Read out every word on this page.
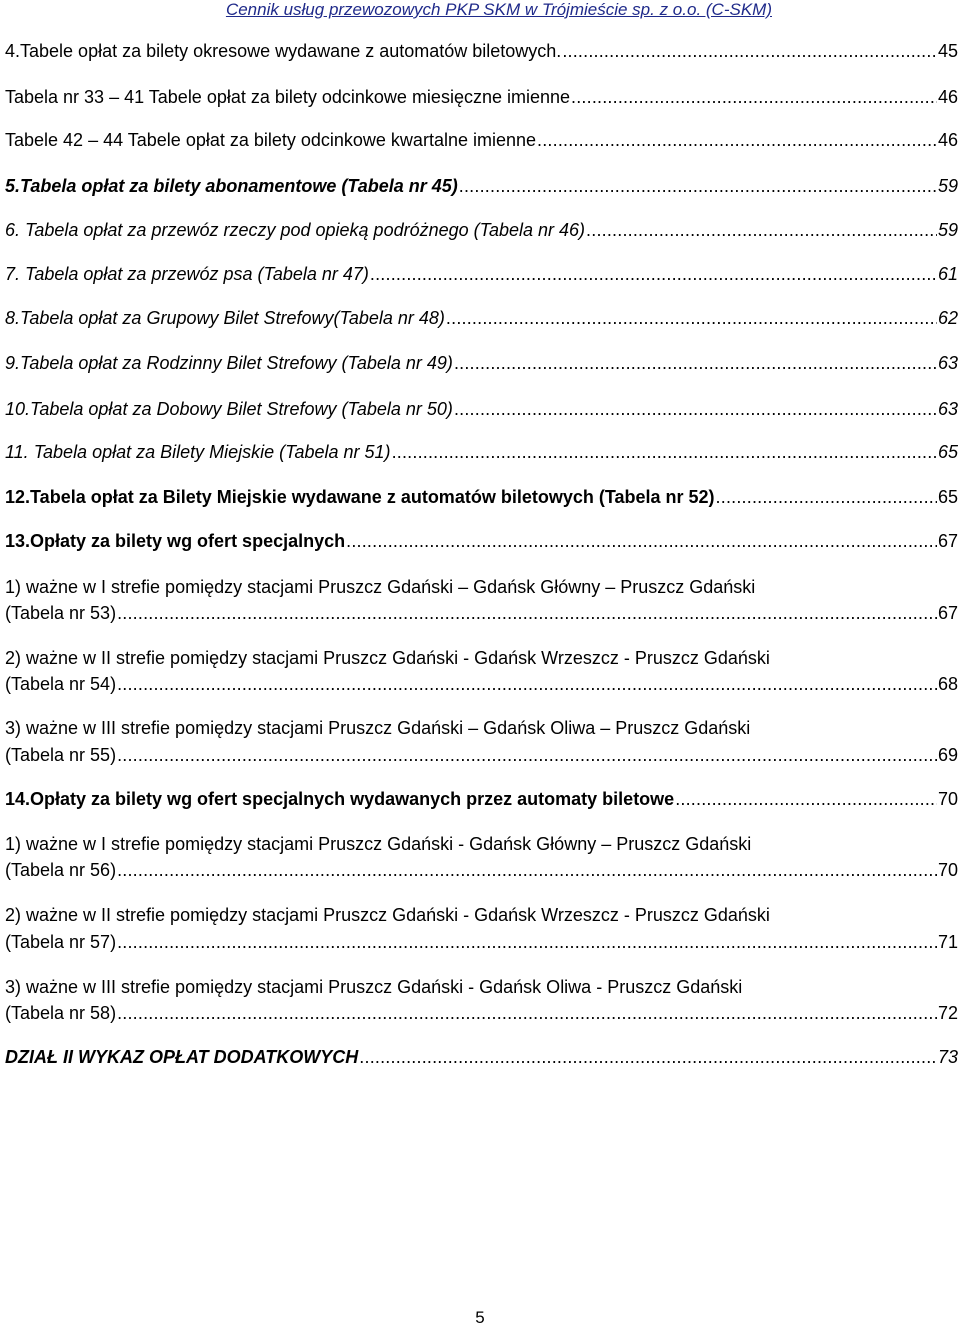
Cennik usług przewozowych PKP SKM w Trójmieście sp. z o.o. (C-SKM)
4.Tabele opłat za bilety okresowe wydawane z automatów biletowych. .....	45
Tabela nr 33 – 41 Tabele opłat za bilety odcinkowe miesięczne imienne .....	46
Tabele 42 – 44 Tabele opłat za bilety odcinkowe kwartalne imienne .....	46
5.Tabela opłat za bilety abonamentowe (Tabela nr 45) .....	59
6. Tabela opłat za przewóz rzeczy pod opieką podróżnego (Tabela nr 46) .....	59
7. Tabela opłat za przewóz psa (Tabela nr 47) .....	61
8.Tabela opłat za Grupowy Bilet Strefowy(Tabela nr 48) .....	62
9.Tabela opłat za Rodzinny Bilet Strefowy (Tabela nr 49) .....	63
10.Tabela opłat za Dobowy Bilet Strefowy (Tabela nr 50) .....	63
11. Tabela opłat za Bilety Miejskie (Tabela nr 51) .....	65
12.Tabela opłat za Bilety Miejskie wydawane z automatów biletowych (Tabela nr 52) .....	65
13.Opłaty za bilety wg ofert specjalnych .....	67
1) ważne w I strefie pomiędzy stacjami Pruszcz Gdański – Gdańsk Główny – Pruszcz Gdański
(Tabela nr 53) .....	67
2) ważne w II strefie pomiędzy stacjami Pruszcz Gdański - Gdańsk Wrzeszcz - Pruszcz Gdański
(Tabela nr 54) .....	68
3) ważne w III strefie pomiędzy stacjami Pruszcz Gdański – Gdańsk Oliwa – Pruszcz Gdański
(Tabela nr 55) .....	69
14.Opłaty za bilety wg ofert specjalnych wydawanych przez automaty biletowe .....	70
1) ważne w I strefie pomiędzy stacjami Pruszcz Gdański - Gdańsk Główny – Pruszcz Gdański
(Tabela nr 56) .....	70
2) ważne w II strefie pomiędzy stacjami Pruszcz Gdański - Gdańsk Wrzeszcz - Pruszcz Gdański
(Tabela nr 57) .....	71
3) ważne w III strefie pomiędzy stacjami Pruszcz Gdański - Gdańsk Oliwa - Pruszcz Gdański
(Tabela nr 58) .....	72
DZIAŁ II WYKAZ OPŁAT DODATKOWYCH .....	73
5
